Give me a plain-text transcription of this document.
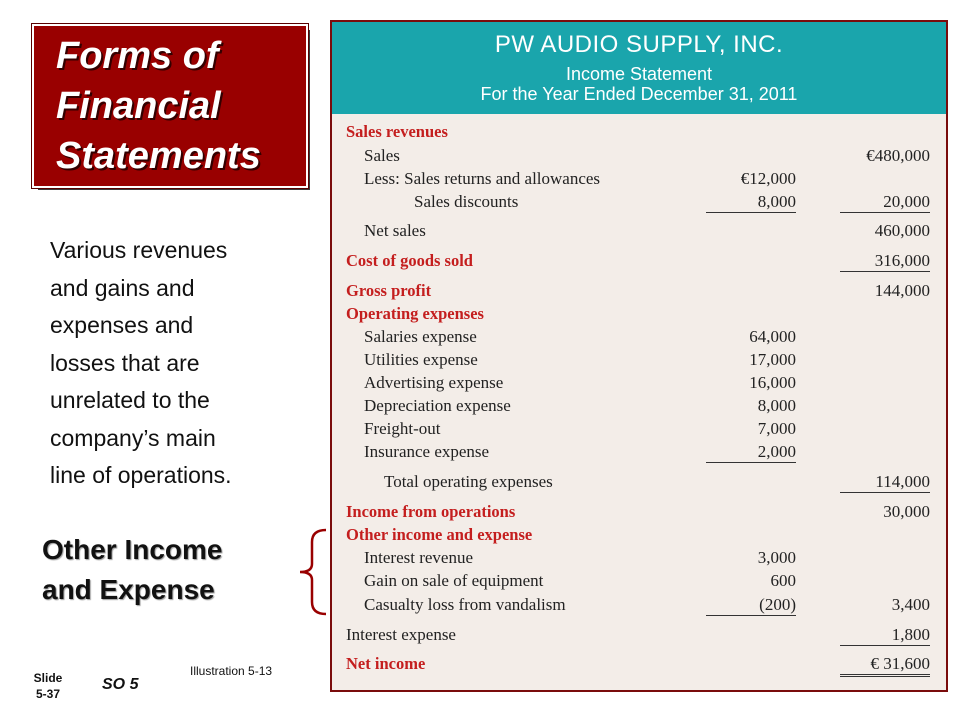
Forms of
Financial
Statements
Various revenues
and gains and
expenses and
losses that are
unrelated to the
company’s main
line of operations.
Other Income
and Expense
Slide
5-37
SO 5
Illustration 5-13
PW AUDIO SUPPLY, INC.
Income Statement
For the Year Ended December 31, 2011
Sales revenues
Sales	€480,000
Less: Sales returns and allowances	€12,000
Sales discounts	8,000	20,000
Net sales	460,000
Cost of goods sold	316,000
Gross profit	144,000
Operating expenses
Salaries expense	64,000
Utilities expense	17,000
Advertising expense	16,000
Depreciation expense	8,000
Freight-out	7,000
Insurance expense	2,000
Total operating expenses	114,000
Income from operations	30,000
Other income and expense
Interest revenue	3,000
Gain on sale of equipment	600
Casualty loss from vandalism	(200)	3,400
Interest expense	1,800
Net income	€ 31,600
